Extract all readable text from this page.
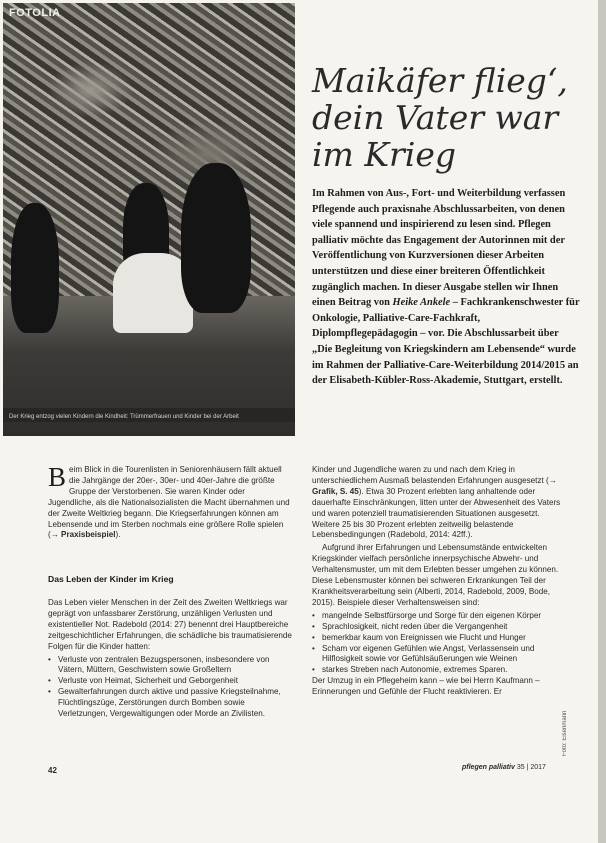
FOTOLIA
Der Krieg entzog vielen Kindern die Kindheit: Trümmerfrauen und Kinder bei der Arbeit
Maikäfer flieg‘,
dein Vater war
im Krieg

Im Rahmen von Aus-, Fort- und Weiterbildung verfassen Pflegende auch praxisnahe Abschlussarbeiten, von denen viele spannend und inspirierend zu lesen sind. Pflegen palliativ möchte das Engagement der Autorinnen mit der Veröffentlichung von Kurzversionen dieser Arbeiten unterstützen und diese einer breiteren Öffentlichkeit zugänglich machen. In dieser Ausgabe stellen wir Ihnen einen Beitrag von Heike Ankele – Fachkrankenschwester für Onkologie, Palliative-Care-Fachkraft, Diplompflegepädagogin – vor. Die Abschlussarbeit über „Die Begleitung von Kriegskindern am Lebensende“ wurde im Rahmen der Palliative-Care-Weiterbildung 2014/2015 an der Elisabeth-Kübler-Ross-Akademie, Stuttgart, erstellt.

Beim Blick in die Tourenlisten in Seniorenhäusern fällt aktuell die Jahrgänge der 20er-, 30er- und 40er-Jahre die größte Gruppe der Verstorbenen. Sie waren Kinder oder Jugendliche, als die Nationalsozialisten die Macht übernahmen und der Zweite Weltkrieg begann. Die Kriegserfahrungen können am Lebensende und im Sterben nochmals eine größere Rolle spielen (→ Praxisbeispiel).

Das Leben der Kinder im Krieg

Das Leben vieler Menschen in der Zeit des Zweiten Weltkriegs war geprägt von unfassbarer Zerstörung, unzähligen Verlusten und existentieller Not. Radebold (2014: 27) benennt drei Hauptbereiche zeitgeschichtlicher Erfahrungen, die schädliche bis traumatisierende Folgen für die Kinder hatten:

• Verluste von zentralen Bezugspersonen, insbesondere von Vätern, Müttern, Geschwistern sowie Großeltern
• Verluste von Heimat, Sicherheit und Geborgenheit
• Gewalterfahrungen durch aktive und passive Kriegsteilnahme, Flüchtlingszüge, Zerstörungen durch Bomben sowie Verletzungen, Vergewaltigungen oder Morde an Zivilisten.

Kinder und Jugendliche waren zu und nach dem Krieg in unterschiedlichem Ausmaß belastenden Erfahrungen ausgesetzt (→ Grafik, S. 45). Etwa 30 Prozent erlebten lang anhaltende oder dauerhafte Einschränkungen, litten unter der Abwesenheit des Vaters und waren potenziell traumatisierenden Situationen ausgesetzt. Weitere 25 bis 30 Prozent erlebten zeitweilig belastende Lebensbedingungen (Radebold, 2014: 42ff.).

Aufgrund ihrer Erfahrungen und Lebensumstände entwickelten Kriegskinder vielfach persönliche innerpsychische Abwehr- und Verhaltensmuster, um mit dem Erlebten besser umgehen zu können. Diese Lebensmuster können bei schweren Erkrankungen Teil der Krankheitsverarbeitung sein (Alberti, 2014, Radebold, 2009, Bode, 2015). Beispiele dieser Verhaltensweisen sind:

• mangelnde Selbstfürsorge und Sorge für den eigenen Körper
• Sprachlosigkeit, nicht reden über die Vergangenheit
• bemerkbar kaum von Ereignissen wie Flucht und Hunger
• Scham vor eigenen Gefühlen wie Angst, Verlassensein und Hilflosigkeit sowie vor Gefühlsäußerungen wie Weinen
• starkes Streben nach Autonomie, extremes Sparen.

Der Umzug in ein Pflegeheim kann – wie bei Herrn Kaufmann – Erinnerungen und Gefühle der Flucht reaktivieren. Er

Foto: Eisenmann
42	pflegen palliativ 35 | 2017
